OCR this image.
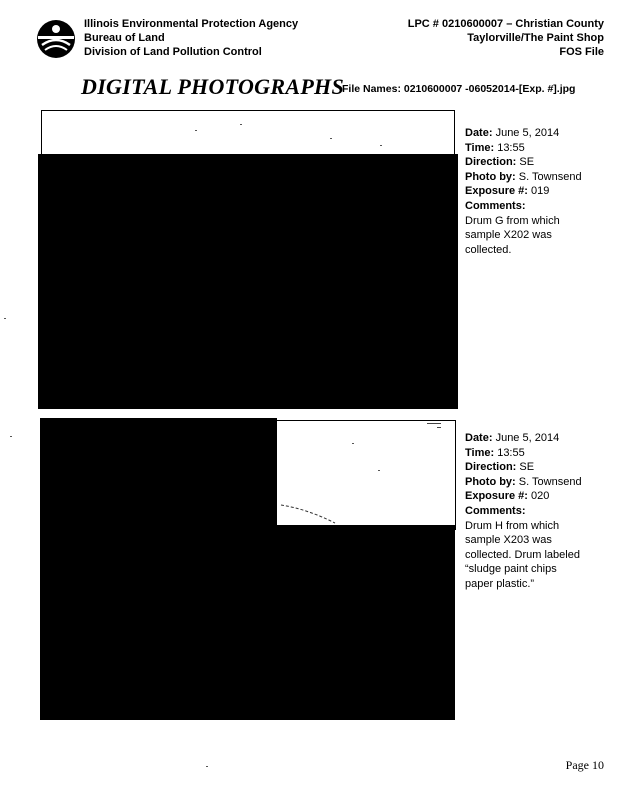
Illinois Environmental Protection Agency
Bureau of Land
Division of Land Pollution Control
LPC # 0210600007 – Christian County
Taylorville/The Paint Shop
FOS File
DIGITAL PHOTOGRAPHS
File Names: 0210600007 -06052014-[Exp. #].jpg
Date: June 5, 2014
Time: 13:55
Direction: SE
Photo by: S. Townsend
Exposure #: 019
Comments:
Drum G from which sample X202 was collected.
Date: June 5, 2014
Time: 13:55
Direction: SE
Photo by: S. Townsend
Exposure #: 020
Comments:
Drum H from which sample X203 was collected. Drum labeled “sludge paint chips paper plastic.”
Page 10
